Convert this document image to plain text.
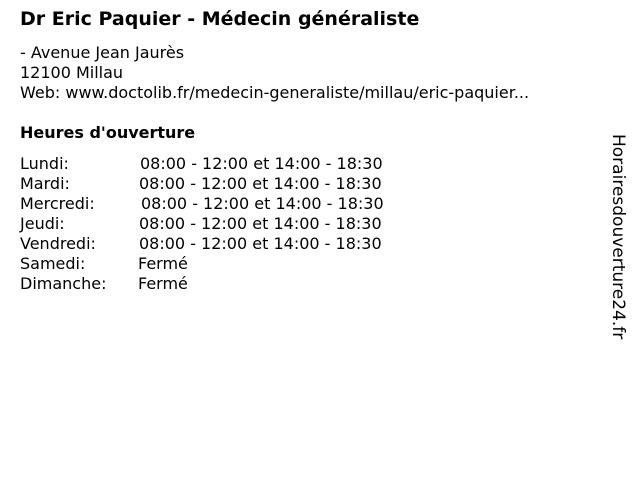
Dr Eric Paquier - Médecin généraliste
- Avenue Jean Jaurès
12100 Millau
Web: www.doctolib.fr/medecin-generaliste/millau/eric-paquier...
Heures d'ouverture
Lundi:	08:00 - 12:00 et 14:00 - 18:30
Mardi:	08:00 - 12:00 et 14:00 - 18:30
Mercredi:	08:00 - 12:00 et 14:00 - 18:30
Jeudi:	08:00 - 12:00 et 14:00 - 18:30
Vendredi:	08:00 - 12:00 et 14:00 - 18:30
Samedi:	Fermé
Dimanche: Fermé	Horairesdouverture24.fr
